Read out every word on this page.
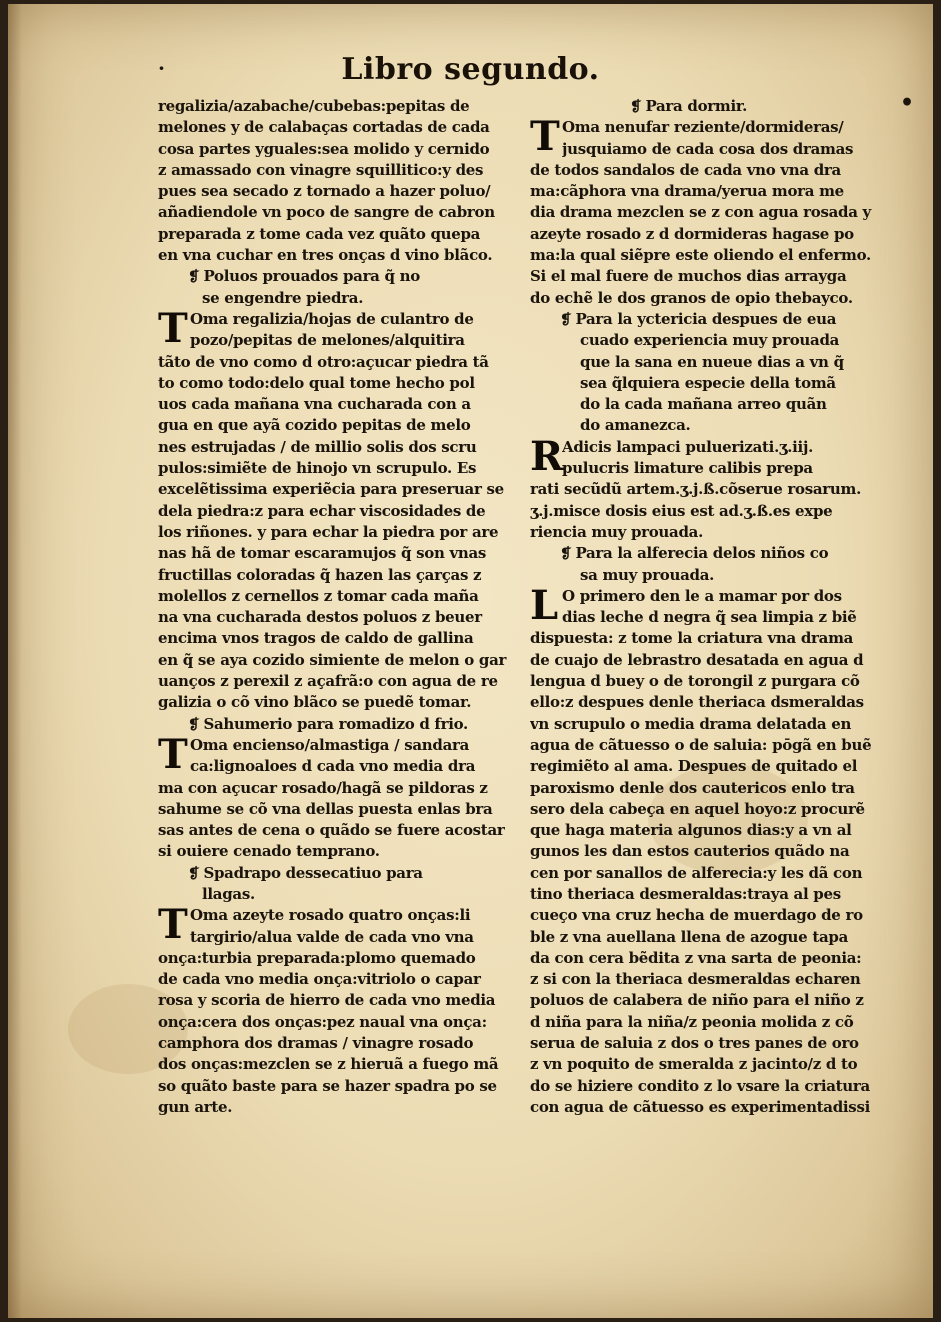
Libro segundo.
·
•
regalizia/azabache/cubebas:pepitas de
melones y de calabaças cortadas de cada
cosa partes yguales:sea molido y cernido
z amassado con vinagre squillitico:y des
pues sea secado z tornado a hazer poluo/
añadiendole vn poco de sangre de cabron
preparada z tome cada vez quãto quepa
en vna cuchar en tres onças d vino blãco.
❡ Poluos prouados para q̃ no
se engendre piedra.
T Oma regalizia/hojas de culantro de
pozo/pepitas de melones/alquitira
tãto de vno como d otro:açucar piedra tã
to como todo:delo qual tome hecho pol
uos cada mañana vna cucharada con a
gua en que ayã cozido pepitas de melo
nes estrujadas / de millio solis dos scru
pulos:simiẽte de hinojo vn scrupulo. Es
excelẽtissima experiẽcia para preseruar se
dela piedra:z para echar viscosidades de
los riñones. y para echar la piedra por are
nas hã de tomar escaramujos q̃ son vnas
fructillas coloradas q̃ hazen las çarças z
molellos z cernellos z tomar cada maña
na vna cucharada destos poluos z beuer
encima vnos tragos de caldo de gallina
en q̃ se aya cozido simiente de melon o gar
uanços z perexil z açafrã:o con agua de re
galizia o cõ vino blãco se puedẽ tomar.
❡ Sahumerio para romadizo d frio.
T Oma encienso/almastiga / sandara
ca:lignoaloes d cada vno media dra
ma con açucar rosado/hagã se pildoras z
sahume se cõ vna dellas puesta enlas bra
sas antes de cena o quãdo se fuere acostar
si ouiere cenado temprano.
❡ Spadrapo dessecatiuo para
llagas.
T Oma azeyte rosado quatro onças:li
targirio/alua valde de cada vno vna
onça:turbia preparada:plomo quemado
de cada vno media onça:vitriolo o capar
rosa y scoria de hierro de cada vno media
onça:cera dos onças:pez naual vna onça:
camphora dos dramas / vinagre rosado
dos onças:mezclen se z hieruã a fuego mã
so quãto baste para se hazer spadra po se
gun arte.
❡ Para dormir.
T Oma nenufar reziente/dormideras/
jusquiamo de cada cosa dos dramas
de todos sandalos de cada vno vna dra
ma:cãphora vna drama/yerua mora me
dia drama mezclen se z con agua rosada y
azeyte rosado z d dormideras hagase po
ma:la qual siẽpre este oliendo el enfermo.
Si el mal fuere de muchos dias arrayga
do echẽ le dos granos de opio thebayco.
❡ Para la yctericia despues de eua
cuado experiencia muy prouada
que la sana en nueue dias a vn q̃
sea q̃lquiera especie della tomã
do la cada mañana arreo quãn
do amanezca.
R
Adicis lampaci puluerizati.ʒ.iij.
pulucris limature calibis prepa
rati secũdũ artem.ʒ.j.ß.cõserue rosarum.
ʒ.j.misce dosis eius est ad.ʒ.ß.es expe
riencia muy prouada.
❡ Para la alferecia delos niños co
sa muy prouada.
L O primero den le a mamar por dos
dias leche d negra q̃ sea limpia z biẽ
dispuesta: z tome la criatura vna drama
de cuajo de lebrastro desatada en agua d
lengua d buey o de torongil z purgara cõ
ello:z despues denle theriaca dsmeraldas
vn scrupulo o media drama delatada en
agua de cãtuesso o de saluia: pōgã en buẽ
regimiẽto al ama. Despues de quitado el
paroxismo denle dos cautericos enlo tra
sero dela cabeça en aquel hoyo:z procurẽ
que haga materia algunos dias:y a vn al
gunos les dan estos cauterios quãdo na
cen por sanallos de alferecia:y les dã con
tino theriaca desmeraldas:traya al pes
cueço vna cruz hecha de muerdago de ro
ble z vna auellana llena de azogue tapa
da con cera bẽdita z vna sarta de peonia:
z si con la theriaca desmeraldas echaren
poluos de calabera de niño para el niño z
d niña para la niña/z peonia molida z cõ
serua de saluia z dos o tres panes de oro
z vn poquito de smeralda z jacinto/z d to
do se hiziere condito z lo vsare la criatura
con agua de cãtuesso es experimentadissi
